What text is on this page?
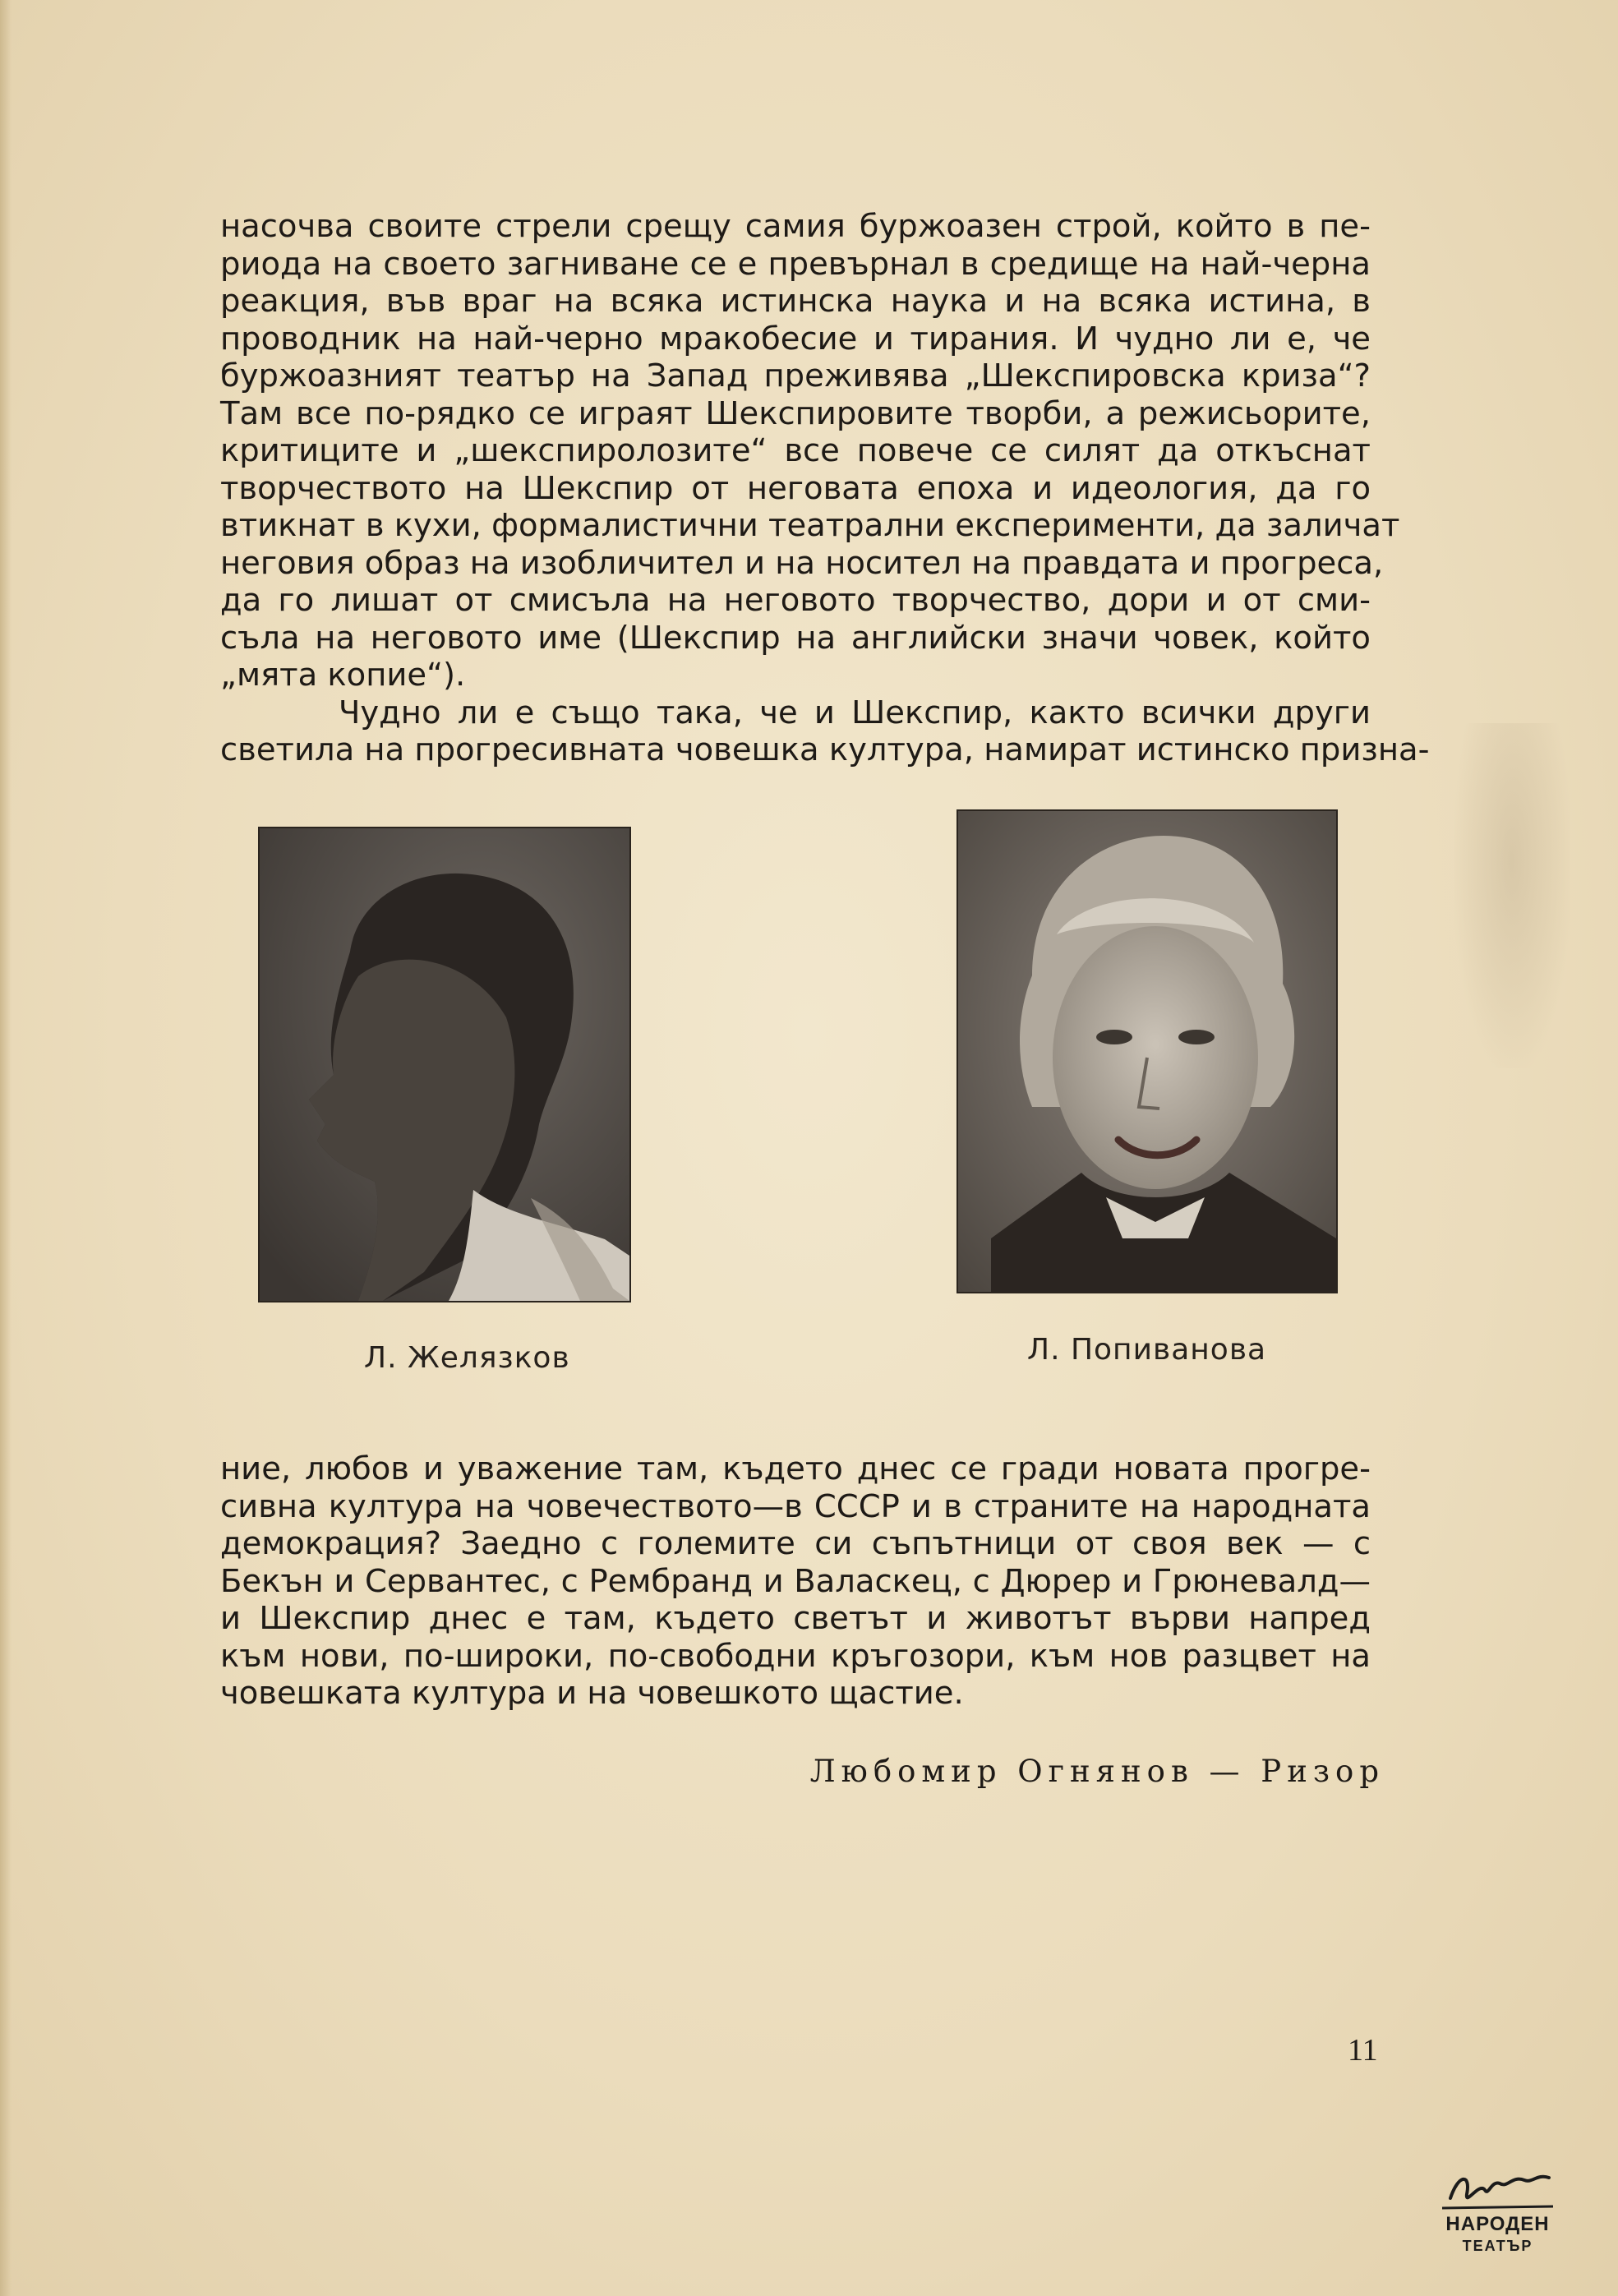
насочва своите стрели срещу самия буржоазен строй, който в пе-
риода на своето загниване се е превърнал в средище на най-черна
реакция, във враг на всяка истинска наука и на всяка истина, в
проводник на най-черно мракобесие и тирания. И чудно ли е, че
буржоазният театър на Запад преживява „Шекспировска криза“?
Там все по-рядко се играят Шекспировите творби, а режисьорите,
критиците и „шекспиролозите“ все повече се силят да откъснат
творчеството на Шекспир от неговата епоха и идеология, да го
втикнат в кухи, формалистични театрални експерименти, да заличат
неговия образ на изобличител и на носител на правдата и прогреса,
да го лишат от смисъла на неговото творчество, дори и от сми-
съла на неговото име (Шекспир на английски значи човек, който
„мята копие“).
Чудно ли е също така, че и Шекспир, както всички други
светила на прогресивната човешка култура, намират истинско призна-
Л. Желязков	Л. Попиванова
ние, любов и уважение там, където днес се гради новата прогре-
сивна култура на човечеството—в СССР и в страните на народната
демокрация? Заедно с големите си съпътници от своя век — с
Бекън и Сервантес, с Рембранд и Валаскец, с Дюрер и Грюневалд—
и Шекспир днес е там, където светът и животът върви напред
към нови, по-широки, по-свободни кръгозори, към нов разцвет на
човешката култура и на човешкото щастие.
Любомир Огнянов — Ризор
11
НАРОДЕН
ТЕАТЪР
